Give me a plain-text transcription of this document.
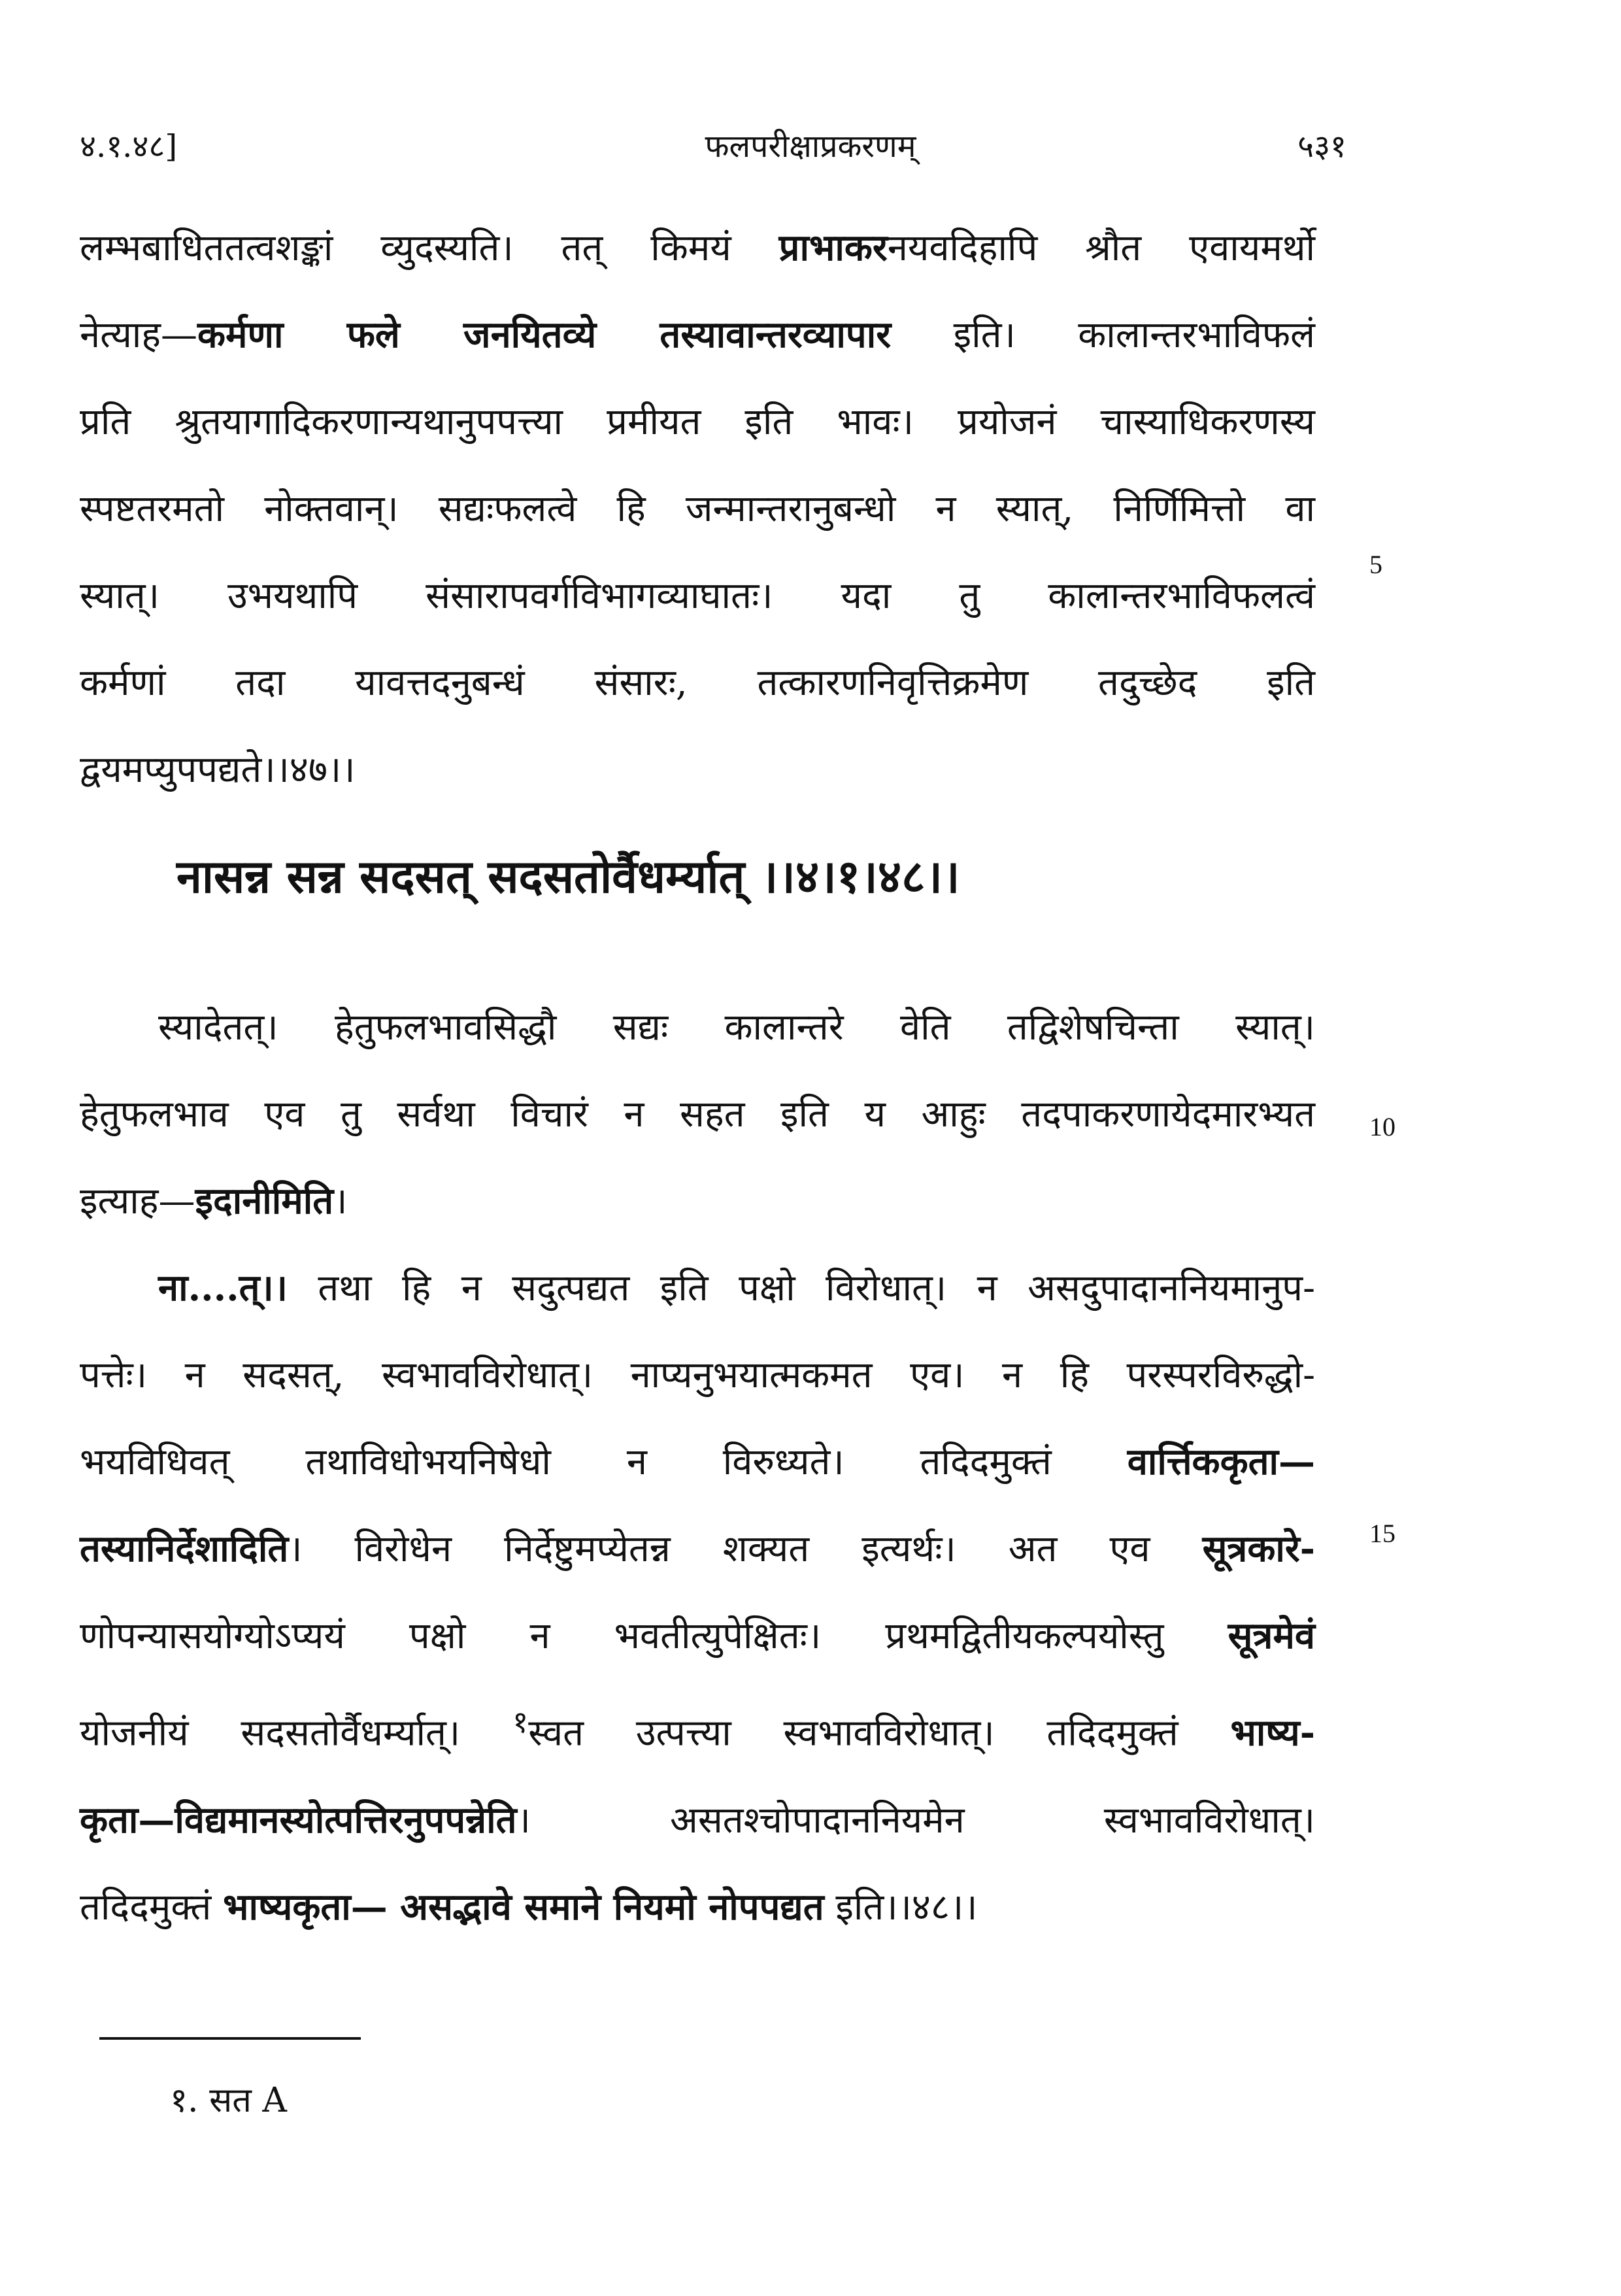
४.१.४८]	फलपरीक्षाप्रकरणम्	५३१
लम्भबाधिततत्वशङ्कां व्युदस्यति। तत् किमयं प्राभाकरनयवदिहापि श्रौत एवायमर्थो
नेत्याह—कर्मणा फले जनयितव्ये तस्यावान्तरव्यापार इति। कालान्तरभाविफलं
प्रति श्रुतयागादिकरणान्यथानुपपत्त्या प्रमीयत इति भावः। प्रयोजनं चास्याधिकरणस्य
स्पष्टतरमतो नोक्तवान्। सद्यःफलत्वे हि जन्मान्तरानुबन्धो न स्यात्, निर्णिमित्तो वा
स्यात्। उभयथापि संसारापवर्गविभागव्याघातः। यदा तु कालान्तरभाविफलत्वं
कर्मणां तदा यावत्तदनुबन्धं संसारः, तत्कारणनिवृत्तिक्रमेण तदुच्छेद इति
द्वयमप्युपपद्यते।।४७।।
नासन्न सन्न सदसत् सदसतोर्वैधर्म्यात् ।।४।१।४८।।
स्यादेतत्। हेतुफलभावसिद्धौ सद्यः कालान्तरे वेति तद्विशेषचिन्ता स्यात्।
हेतुफलभाव एव तु सर्वथा विचारं न सहत इति य आहुः तदपाकरणायेदमारभ्यत
इत्याह—इदानीमिति।
ना....त्।। तथा हि न सदुत्पद्यत इति पक्षो विरोधात्। न असदुपादाननियमानुप-
पत्तेः। न सदसत्, स्वभावविरोधात्। नाप्यनुभयात्मकमत एव। न हि परस्परविरुद्धो-
भयविधिवत् तथाविधोभयनिषेधो न विरुध्यते। तदिदमुक्तं वार्त्तिककृता—
तस्यानिर्देशादिति। विरोधेन निर्देष्टुमप्येतन्न शक्यत इत्यर्थः। अत एव सूत्रकारे-
णोपन्यासयोग्योऽप्ययं पक्षो न भवतीत्युपेक्षितः। प्रथमद्वितीयकल्पयोस्तु सूत्रमेवं
योजनीयं सदसतोर्वैधर्म्यात्। $^१$स्वत उत्पत्त्या स्वभावविरोधात्। तदिदमुक्तं भाष्य-
कृता—विद्यमानस्योत्पत्तिरनुपपन्नेति। असतश्चोपादाननियमेन स्वभावविरोधात्।
तदिदमुक्तं भाष्यकृता— असद्भावे समाने नियमो नोपपद्यत इति।।४८।।
5
10
15
१. सत A
